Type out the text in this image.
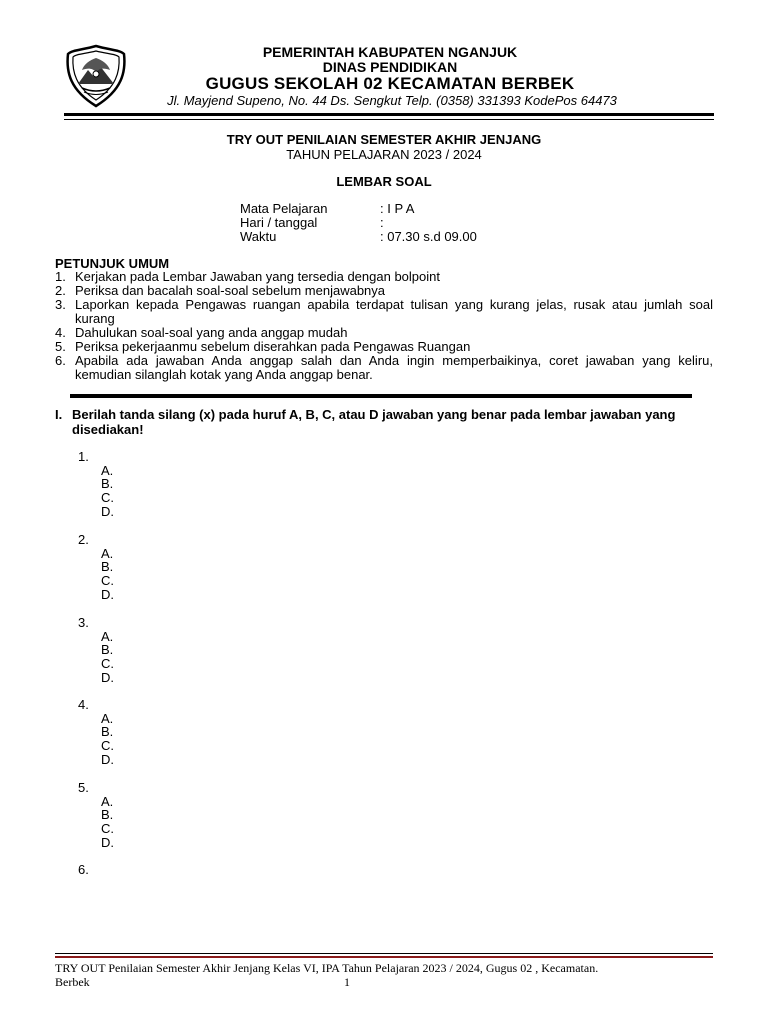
PEMERINTAH KABUPATEN NGANJUK
DINAS PENDIDIKAN
GUGUS SEKOLAH 02 KECAMATAN BERBEK
Jl. Mayjend Supeno, No. 44 Ds. Sengkut Telp. (0358) 331393 KodePos 64473
TRY OUT PENILAIAN SEMESTER AKHIR JENJANG
TAHUN PELAJARAN 2023 / 2024
LEMBAR SOAL
Mata Pelajaran	: I P A
Hari / tanggal	:
Waktu	: 07.30 s.d 09.00
PETUNJUK UMUM
1. Kerjakan pada Lembar Jawaban yang tersedia dengan bolpoint
2. Periksa dan bacalah soal-soal sebelum menjawabnya
3. Laporkan kepada Pengawas ruangan apabila terdapat tulisan yang kurang jelas, rusak atau jumlah soal kurang
4. Dahulukan soal-soal yang anda anggap mudah
5. Periksa pekerjaanmu sebelum diserahkan pada Pengawas Ruangan
6. Apabila ada jawaban Anda anggap salah dan Anda ingin memperbaikinya, coret jawaban yang keliru, kemudian silanglah kotak yang Anda anggap benar.
I. Berilah tanda silang (x) pada huruf A, B, C, atau D jawaban yang benar pada lembar jawaban yang disediakan!
1.
A.
B.
C.
D.
2.
A.
B.
C.
D.
3.
A.
B.
C.
D.
4.
A.
B.
C.
D.
5.
A.
B.
C.
D.
6.
TRY OUT Penilaian Semester Akhir Jenjang Kelas VI, IPA Tahun Pelajaran 2023 / 2024, Gugus 02 , Kecamatan.
Berbek	1
